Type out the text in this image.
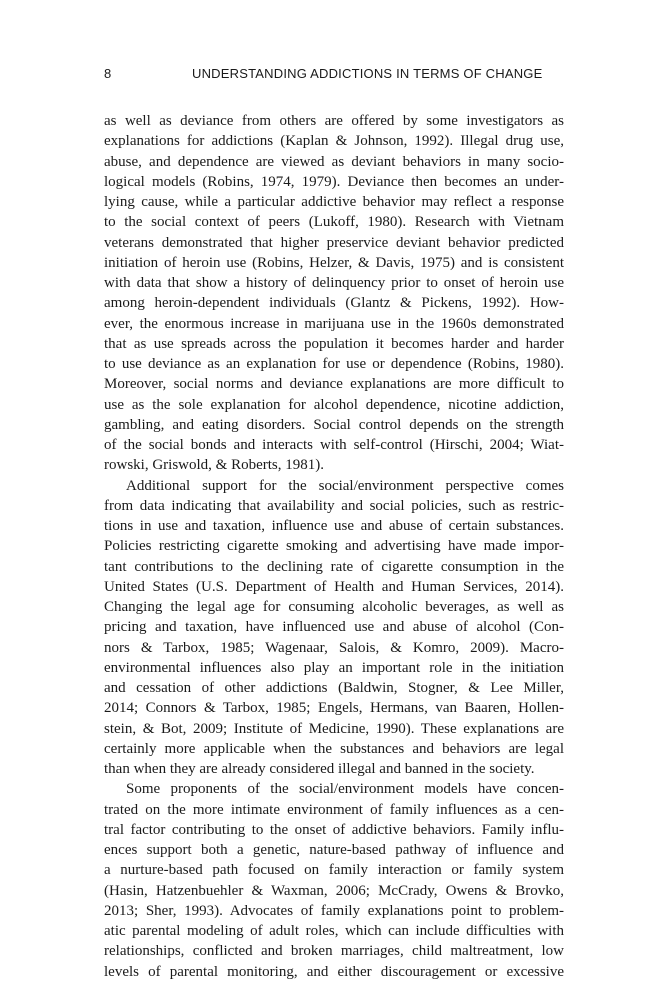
8	UNDERSTANDING ADDICTIONS IN TERMS OF CHANGE
as well as deviance from others are offered by some investigators as
explanations for addictions (Kaplan & Johnson, 1992). Illegal drug use,
abuse, and dependence are viewed as deviant behaviors in many socio-
logical models (Robins, 1974, 1979). Deviance then becomes an under-
lying cause, while a particular addictive behavior may reflect a response
to the social context of peers (Lukoff, 1980). Research with Vietnam
veterans demonstrated that higher preservice deviant behavior predicted
initiation of heroin use (Robins, Helzer, & Davis, 1975) and is consistent
with data that show a history of delinquency prior to onset of heroin use
among heroin-dependent individuals (Glantz & Pickens, 1992). How-
ever, the enormous increase in marijuana use in the 1960s demonstrated
that as use spreads across the population it becomes harder and harder
to use deviance as an explanation for use or dependence (Robins, 1980).
Moreover, social norms and deviance explanations are more difficult to
use as the sole explanation for alcohol dependence, nicotine addiction,
gambling, and eating disorders. Social control depends on the strength
of the social bonds and interacts with self-control (Hirschi, 2004; Wiat-
rowski, Griswold, & Roberts, 1981).
Additional support for the social/environment perspective comes
from data indicating that availability and social policies, such as restric-
tions in use and taxation, influence use and abuse of certain substances.
Policies restricting cigarette smoking and advertising have made impor-
tant contributions to the declining rate of cigarette consumption in the
United States (U.S. Department of Health and Human Services, 2014).
Changing the legal age for consuming alcoholic beverages, as well as
pricing and taxation, have influenced use and abuse of alcohol (Con-
nors & Tarbox, 1985; Wagenaar, Salois, & Komro, 2009). Macro-
environmental influences also play an important role in the initiation
and cessation of other addictions (Baldwin, Stogner, & Lee Miller,
2014; Connors & Tarbox, 1985; Engels, Hermans, van Baaren, Hollen-
stein, & Bot, 2009; Institute of Medicine, 1990). These explanations are
certainly more applicable when the substances and behaviors are legal
than when they are already considered illegal and banned in the society.
Some proponents of the social/environment models have concen-
trated on the more intimate environment of family influences as a cen-
tral factor contributing to the onset of addictive behaviors. Family influ-
ences support both a genetic, nature-based pathway of influence and
a nurture-based path focused on family interaction or family system
(Hasin, Hatzenbuehler & Waxman, 2006; McCrady, Owens & Brovko,
2013; Sher, 1993). Advocates of family explanations point to problem-
atic parental modeling of adult roles, which can include difficulties with
relationships, conflicted and broken marriages, child maltreatment, low
levels of parental monitoring, and either discouragement or excessive
